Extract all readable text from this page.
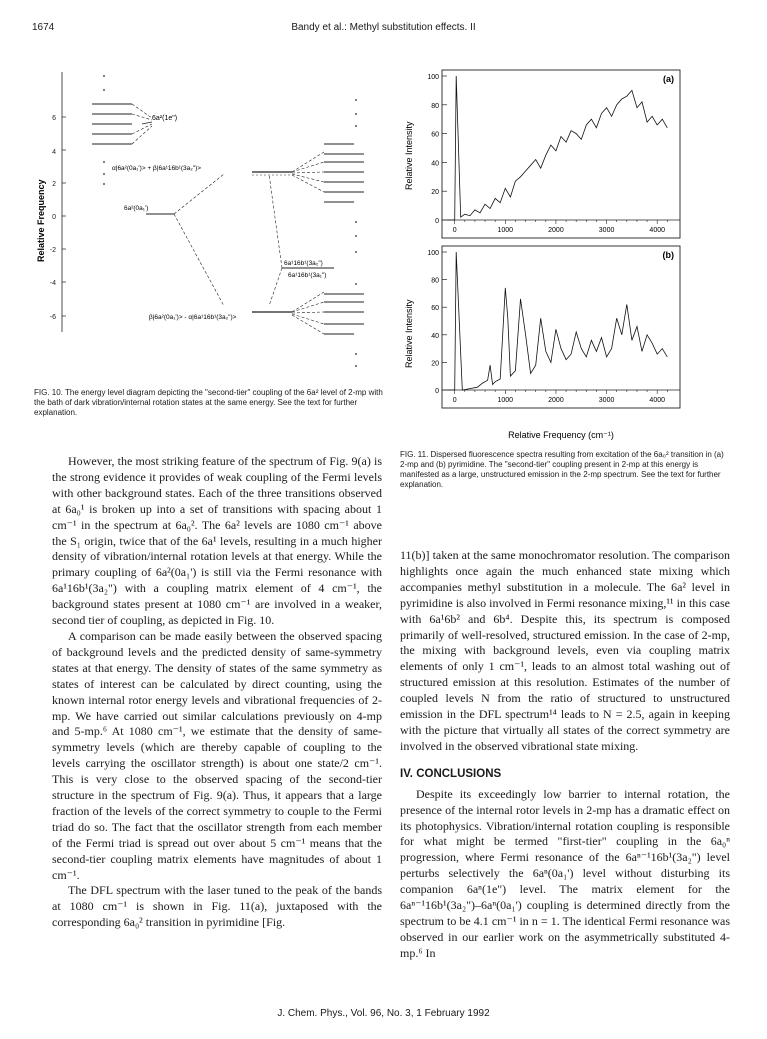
1674	Bandy et al.: Methyl substitution effects. II
6
4
2
0
-2
-4
-6
Relative Frequency
6a²(1e")
α|6a²(0a₁')> + β|6a¹16b¹(3a₂")>
6a²(0a₁')
6a¹16b¹(3a₂")
6a¹16b¹(3a₁")
β|6a²(0a₁')> - α|6a¹16b¹(3a₂")>
FIG. 10. The energy level diagram depicting the "second-tier" coupling of the 6a² level of 2-mp with the bath of dark vibration/internal rotation states at the same energy. See the text for further explanation.
0
20
40
60
80
100
0	1000	2000	3000	4000
0
20
40
60
80
100
0	1000	2000	3000	4000
Relative Intensity
Relative Intensity
(a)
(b)
Relative Frequency (cm⁻¹)
FIG. 11. Dispersed fluorescence spectra resulting from excitation of the 6a₀² transition in (a) 2-mp and (b) pyrimidine. The "second-tier" coupling present in 2-mp at this energy is manifested as a large, unstructured emission in the 2-mp spectrum. See the text for further explanation.

However, the most striking feature of the spectrum of Fig. 9(a) is the strong evidence it provides of weak coupling of the Fermi levels with other background states. Each of the three transitions observed at 6a₀¹ is broken up into a set of transitions with spacing about 1 cm⁻¹ in the spectrum at 6a₀². The 6a² levels are 1080 cm⁻¹ above the S₁ origin, twice that of the 6a¹ levels, resulting in a much higher density of vibration/internal rotation levels at that energy. While the primary coupling of 6a²(0a₁') is still via the Fermi resonance with 6a¹16b¹(3a₂") with a coupling matrix element of 4 cm⁻¹, the background states present at 1080 cm⁻¹ are involved in a weaker, second tier of coupling, as depicted in Fig. 10.

A comparison can be made easily between the observed spacing of background levels and the predicted density of same-symmetry states at that energy. The density of states of the same symmetry as states of interest can be calculated by direct counting, using the known internal rotor energy levels and vibrational frequencies of 2-mp. We have carried out similar calculations previously on 4-mp and 5-mp.⁶ At 1080 cm⁻¹, we estimate that the density of same-symmetry levels (which are thereby capable of coupling to the levels carrying the oscillator strength) is about one state/2 cm⁻¹. This is very close to the observed spacing of the second-tier structure in the spectrum of Fig. 9(a). Thus, it appears that a large fraction of the levels of the correct symmetry to couple to the Fermi triad do so. The fact that the oscillator strength from each member of the Fermi triad is spread out over about 5 cm⁻¹ means that the second-tier coupling matrix elements have magnitudes of about 1 cm⁻¹.

The DFL spectrum with the laser tuned to the peak of the bands at 1080 cm⁻¹ is shown in Fig. 11(a), juxtaposed with the corresponding 6a₀² transition in pyrimidine [Fig.

11(b)] taken at the same monochromator resolution. The comparison highlights once again the much enhanced state mixing which accompanies methyl substitution in a molecule. The 6a² level in pyrimidine is also involved in Fermi resonance mixing,¹¹ in this case with 6a¹6b² and 6b⁴. Despite this, its spectrum is composed primarily of well-resolved, structured emission. In the case of 2-mp, the mixing with background levels, even via coupling matrix elements of only 1 cm⁻¹, leads to an almost total washing out of structured emission at this resolution. Estimates of the number of coupled levels N from the ratio of structured to unstructured emission in the DFL spectrum¹⁴ leads to N = 2.5, again in keeping with the picture that virtually all states of the correct symmetry are involved in the observed vibrational state mixing.

IV. CONCLUSIONS

Despite its exceedingly low barrier to internal rotation, the presence of the internal rotor levels in 2-mp has a dramatic effect on its photophysics. Vibration/internal rotation coupling is responsible for what might be termed "first-tier" coupling in the 6a₀ⁿ progression, where Fermi resonance of the 6aⁿ⁻¹16b¹(3a₂") level perturbs selectively the 6aⁿ(0a₁') level without disturbing its companion 6aⁿ(1e") level. The matrix element for the 6aⁿ⁻¹16b¹(3a₂")–6aⁿ(0a₁') coupling is determined directly from the spectrum to be 4.1 cm⁻¹ in n = 1. The identical Fermi resonance was observed in our earlier work on the asymmetrically substituted 4-mp.⁶ In

J. Chem. Phys., Vol. 96, No. 3, 1 February 1992
